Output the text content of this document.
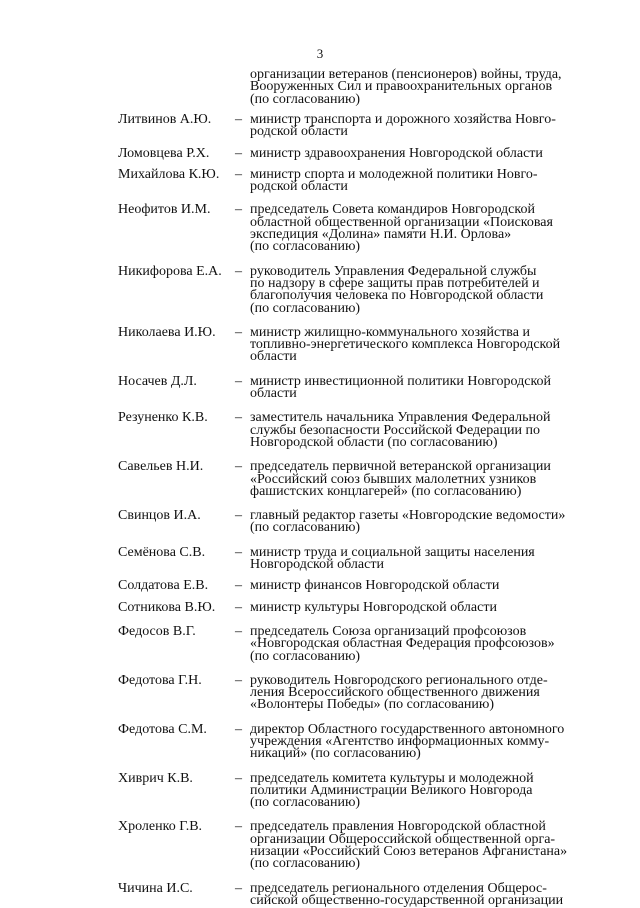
3
организации ветеранов (пенсионеров) войны, труда,
Вооруженных Сил и правоохранительных органов
(по согласованию)
Литвинов А.Ю.	– министр транспорта и дорожного хозяйства Новго-
родской области
Ломовцева Р.Х.	– министр здравоохранения Новгородской области
Михайлова К.Ю.	– министр спорта и молодежной политики Новго-
родской области
Неофитов И.М.	– председатель Совета командиров Новгородской
областной общественной организации «Поисковая
экспедиция «Долина» памяти Н.И. Орлова»
(по согласованию)
Никифорова Е.А. – руководитель Управления Федеральной службы
по надзору в сфере защиты прав потребителей и
благополучия человека по Новгородской области
(по согласованию)
Николаева И.Ю.	– министр жилищно-коммунального хозяйства и
топливно-энергетического комплекса Новгородской
области
Носачев Д.Л.	– министр инвестиционной политики Новгородской
области
Резуненко К.В.	– заместитель начальника Управления Федеральной
службы безопасности Российской Федерации по
Новгородской области (по согласованию)
Савельев Н.И.	– председатель первичной ветеранской организации
«Российский союз бывших малолетних узников
фашистских концлагерей» (по согласованию)
Свинцов И.А.	– главный редактор газеты «Новгородские ведомости»
(по согласованию)
Семёнова С.В.	– министр труда и социальной защиты населения
Новгородской области
Солдатова Е.В.	– министр финансов Новгородской области
Сотникова В.Ю.	– министр культуры Новгородской области
Федосов В.Г.	– председатель Союза организаций профсоюзов
«Новгородская областная Федерация профсоюзов»
(по согласованию)
Федотова Г.Н.	– руководитель Новгородского регионального отде-
ления Всероссийского общественного движения
«Волонтеры Победы» (по согласованию)
Федотова С.М.	– директор Областного государственного автономного
учреждения «Агентство информационных комму-
никаций» (по согласованию)
Хиврич К.В.	– председатель комитета культуры и молодежной
политики Администрации Великого Новгорода
(по согласованию)
Хроленко Г.В.	– председатель правления Новгородской областной
организации Общероссийской общественной орга-
низации «Российский Союз ветеранов Афганистана»
(по согласованию)
Чичина И.С.	– председатель регионального отделения Общерос-
сийской общественно-государственной организации
